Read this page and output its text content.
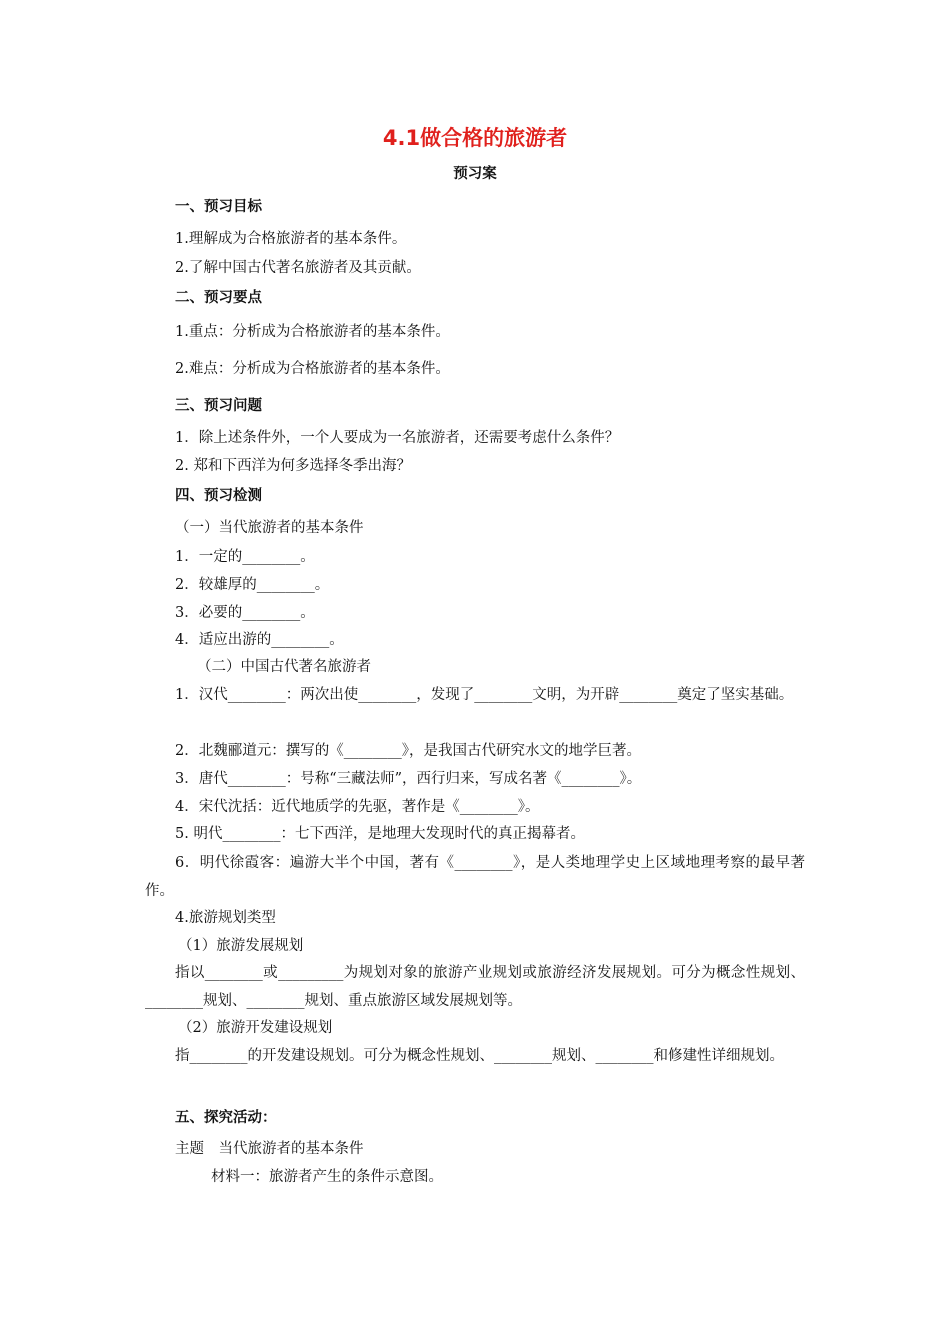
4.1做合格的旅游者
预习案
一、预习目标
1.理解成为合格旅游者的基本条件。
2.了解中国古代著名旅游者及其贡献。
二、预习要点
1.重点：分析成为合格旅游者的基本条件。
2.难点：分析成为合格旅游者的基本条件。
三、预习问题
1．除上述条件外，一个人要成为一名旅游者，还需要考虑什么条件？
2. 郑和下西洋为何多选择冬季出海？
四、预习检测
（一）当代旅游者的基本条件
1．一定的________。
2．较雄厚的________。
3．必要的________。
4．适应出游的________。
（二）中国古代著名旅游者
1．汉代________：两次出使________，发现了________文明，为开辟________奠定了坚实基础。
2．北魏郦道元：撰写的《________》，是我国古代研究水文的地学巨著。
3．唐代________：号称“三藏法师”，西行归来，写成名著《________》。
4．宋代沈括：近代地质学的先驱，著作是《________》。
5. 明代________：七下西洋，是地理大发现时代的真正揭幕者。
6．明代徐霞客：遍游大半个中国，著有《________》，是人类地理学史上区域地理考察的最早著作。
4.旅游规划类型
（1）旅游发展规划
指以________或_________为规划对象的旅游产业规划或旅游经济发展规划。可分为概念性规划、________规划、________规划、重点旅游区域发展规划等。
（2）旅游开发建设规划
指________的开发建设规划。可分为概念性规划、________规划、________和修建性详细规划。
五、探究活动：
主题　当代旅游者的基本条件
材料一：旅游者产生的条件示意图。
